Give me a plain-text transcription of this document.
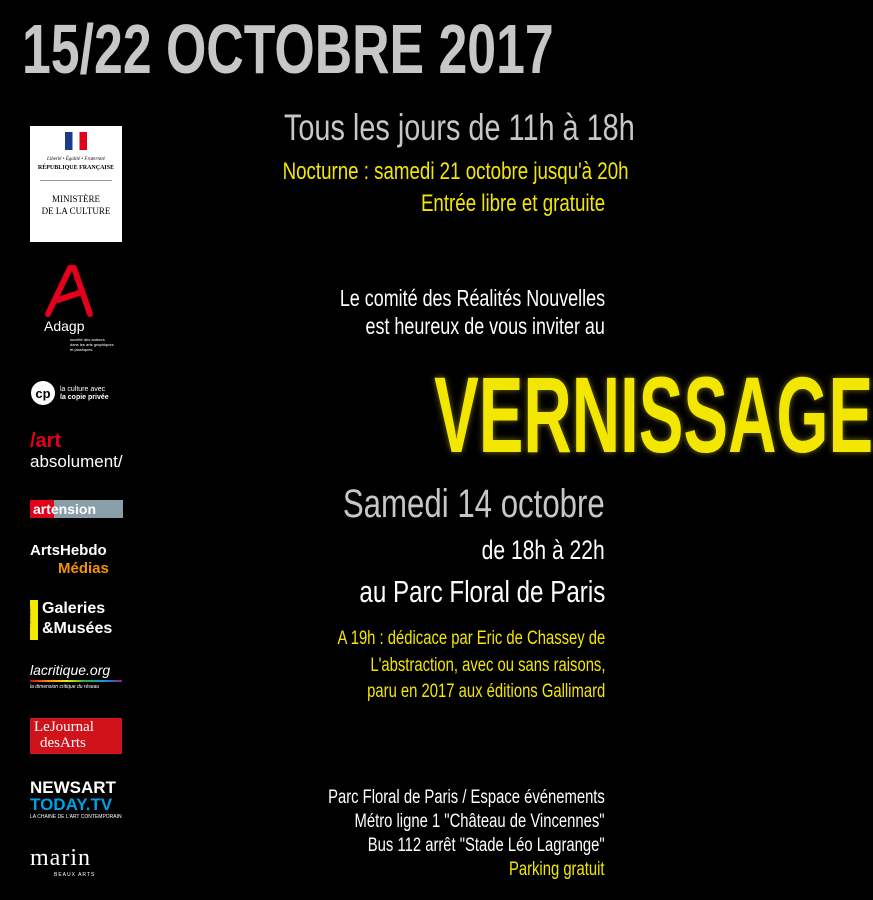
15/22 OCTOBRE 2017
Tous les jours de 11h à 18h
Nocturne : samedi 21 octobre jusqu'à 20h
Entrée libre et gratuite
Le comité des Réalités Nouvelles
est heureux de vous inviter au
VERNISSAGE
Samedi 14 octobre
de 18h à 22h
au Parc Floral de Paris
A 19h : dédicace par Eric de Chassey de
L'abstraction, avec ou sans raisons,
paru en 2017 aux éditions Gallimard
Parc Floral de Paris / Espace événements
Métro ligne 1 "Château de Vincennes"
Bus 112 arrêt "Stade Léo Lagrange"
Parking gratuit
Liberté • Égalité • Fraternité
RÉPUBLIQUE FRANÇAISE
MINISTÈRE
DE LA CULTURE
Adagp
société des auteurs
dans les arts graphiques
et plastiques
cp la culture avec
la copie privée
/art
absolument/
artension
ArtsHebdo
Médias
l'officiel Galeries
&Musées
lacritique.org
la dimension critique du réseau
LeJournal
desArts
NEWSART
TODAY.TV
LA CHAINE DE L'ART CONTEMPORAIN
marin
BEAUX ARTS
